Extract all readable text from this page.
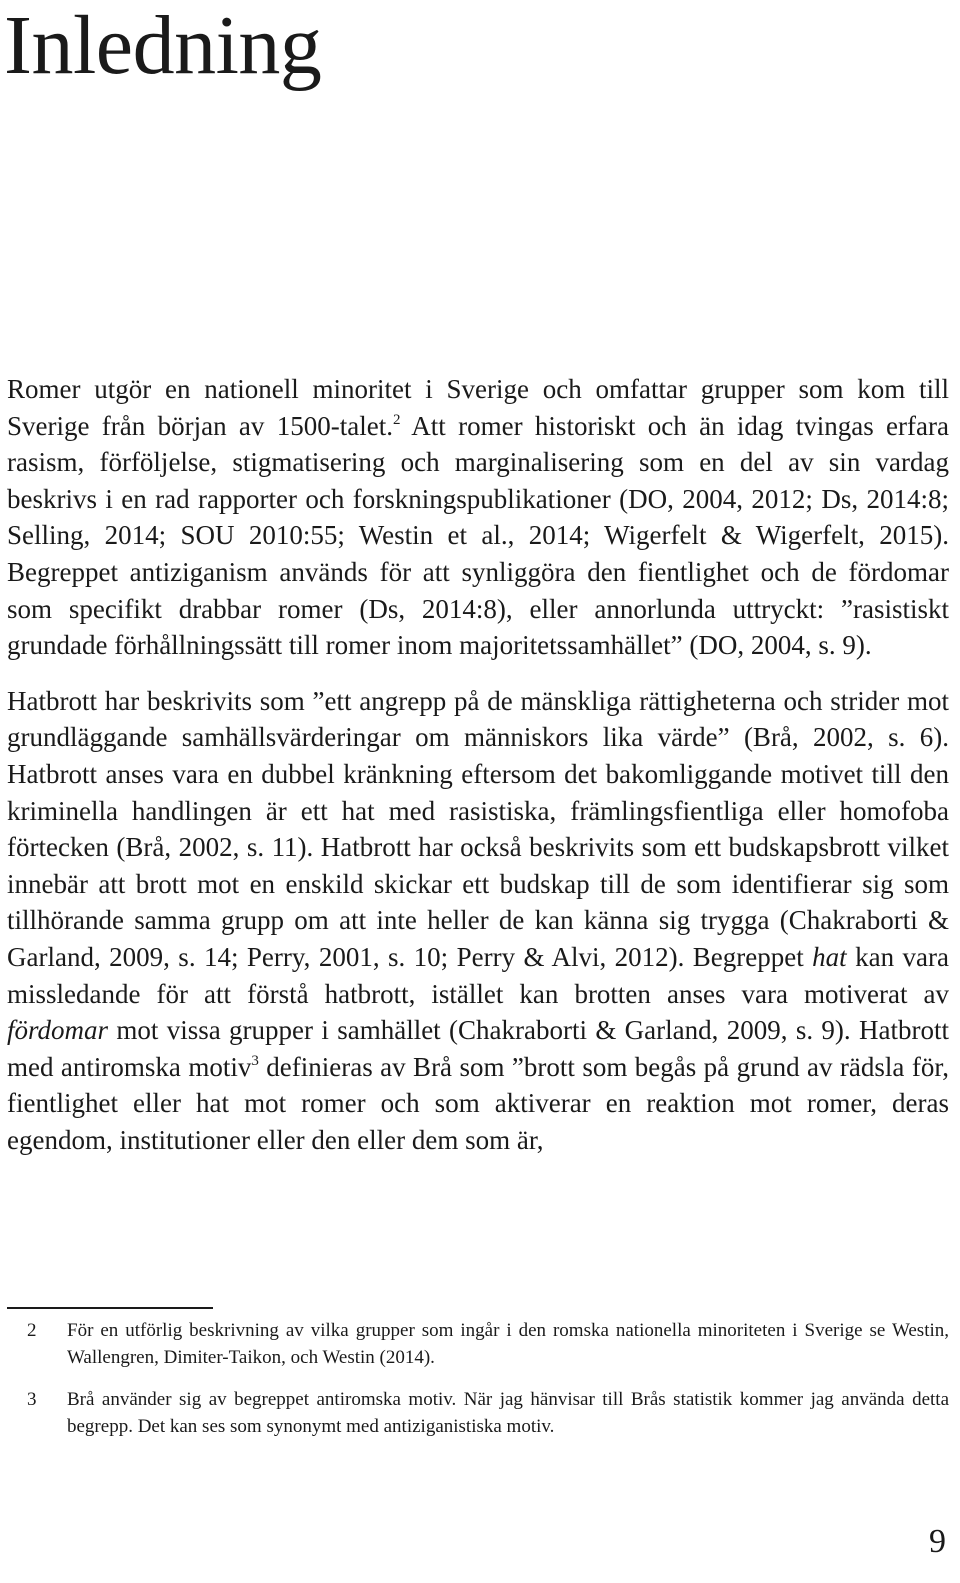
Inledning

Romer utgör en nationell minoritet i Sverige och omfattar grupper som kom till Sverige från början av 1500-talet.$^2$ Att romer historiskt och än idag tvingas erfara rasism, förföljelse, stigmatisering och marginalisering som en del av sin vardag beskrivs i en rad rapporter och forskningspublikationer (DO, 2004, 2012; Ds, 2014:8; Selling, 2014; SOU 2010:55; Westin et al., 2014; Wigerfelt & Wigerfelt, 2015). Begreppet antiziganism används för att synliggöra den fientlighet och de fördomar som specifikt drabbar romer (Ds, 2014:8), eller annorlunda uttryckt: ”rasistiskt grundade förhållningssätt till romer inom majoritetssamhället” (DO, 2004, s. 9).

Hatbrott har beskrivits som ”ett angrepp på de mänskliga rättigheterna och strider mot grundläggande samhällsvärderingar om människors lika värde” (Brå, 2002, s. 6). Hatbrott anses vara en dubbel kränkning eftersom det bakomliggande motivet till den kriminella handlingen är ett hat med rasistiska, främlingsfientliga eller homofoba förtecken (Brå, 2002, s. 11). Hatbrott har också beskrivits som ett budskapsbrott vilket innebär att brott mot en enskild skickar ett budskap till de som identifierar sig som tillhörande samma grupp om att inte heller de kan känna sig trygga (Chakraborti & Garland, 2009, s. 14; Perry, 2001, s. 10; Perry & Alvi, 2012). Begreppet hat kan vara missledande för att förstå hatbrott, istället kan brotten anses vara motiverat av fördomar mot vissa grupper i samhället (Chakraborti & Garland, 2009, s. 9). Hatbrott med antiromska motiv$^3$ definieras av Brå som ”brott som begås på grund av rädsla för, fientlighet eller hat mot romer och som aktiverar en reaktion mot romer, deras egendom, institutioner eller den eller dem som är,

2	För en utförlig beskrivning av vilka grupper som ingår i den romska nationella minoriteten i Sverige se Westin, Wallengren, Dimiter-Taikon, och Westin (2014).
3	Brå använder sig av begreppet antiromska motiv. När jag hänvisar till Brås statistik kommer jag använda detta begrepp. Det kan ses som synonymt med antiziganistiska motiv.
9
